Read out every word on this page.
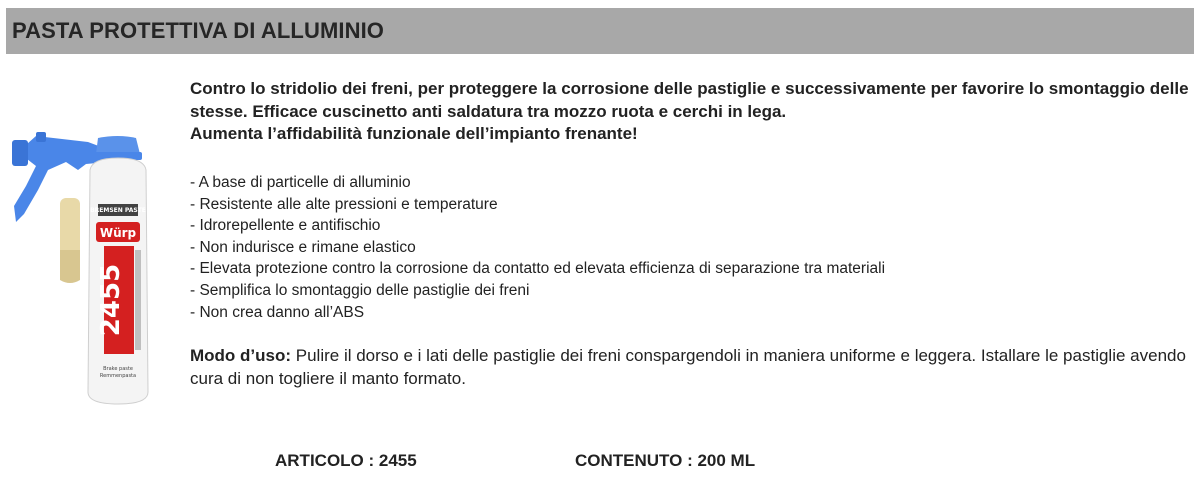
PASTA PROTETTIVA DI ALLUMINIO
Würp
2455
Brake paste
Remmenpasta
BREMSEN PASTE

Contro lo stridolio dei freni, per proteggere la corrosione delle pastiglie e successivamente per favorire lo smontaggio delle stesse. Efficace cuscinetto anti saldatura tra mozzo ruota e cerchi in lega.

Aumenta l’affidabilità funzionale dell’impianto frenante!

- A base di particelle di alluminio
- Resistente alle alte pressioni e temperature
- Idrorepellente e antifischio
- Non indurisce e rimane elastico
- Elevata protezione contro la corrosione da contatto ed elevata efficienza di separazione tra materiali
- Semplifica lo smontaggio delle pastiglie dei freni
- Non crea danno all’ABS
Modo d’uso: Pulire il dorso e i lati delle pastiglie dei freni conspargendoli in maniera uniforme e leggera. Istallare le pastiglie avendo cura di non togliere il manto formato.
ARTICOLO : 2455	CONTENUTO : 200 ML
